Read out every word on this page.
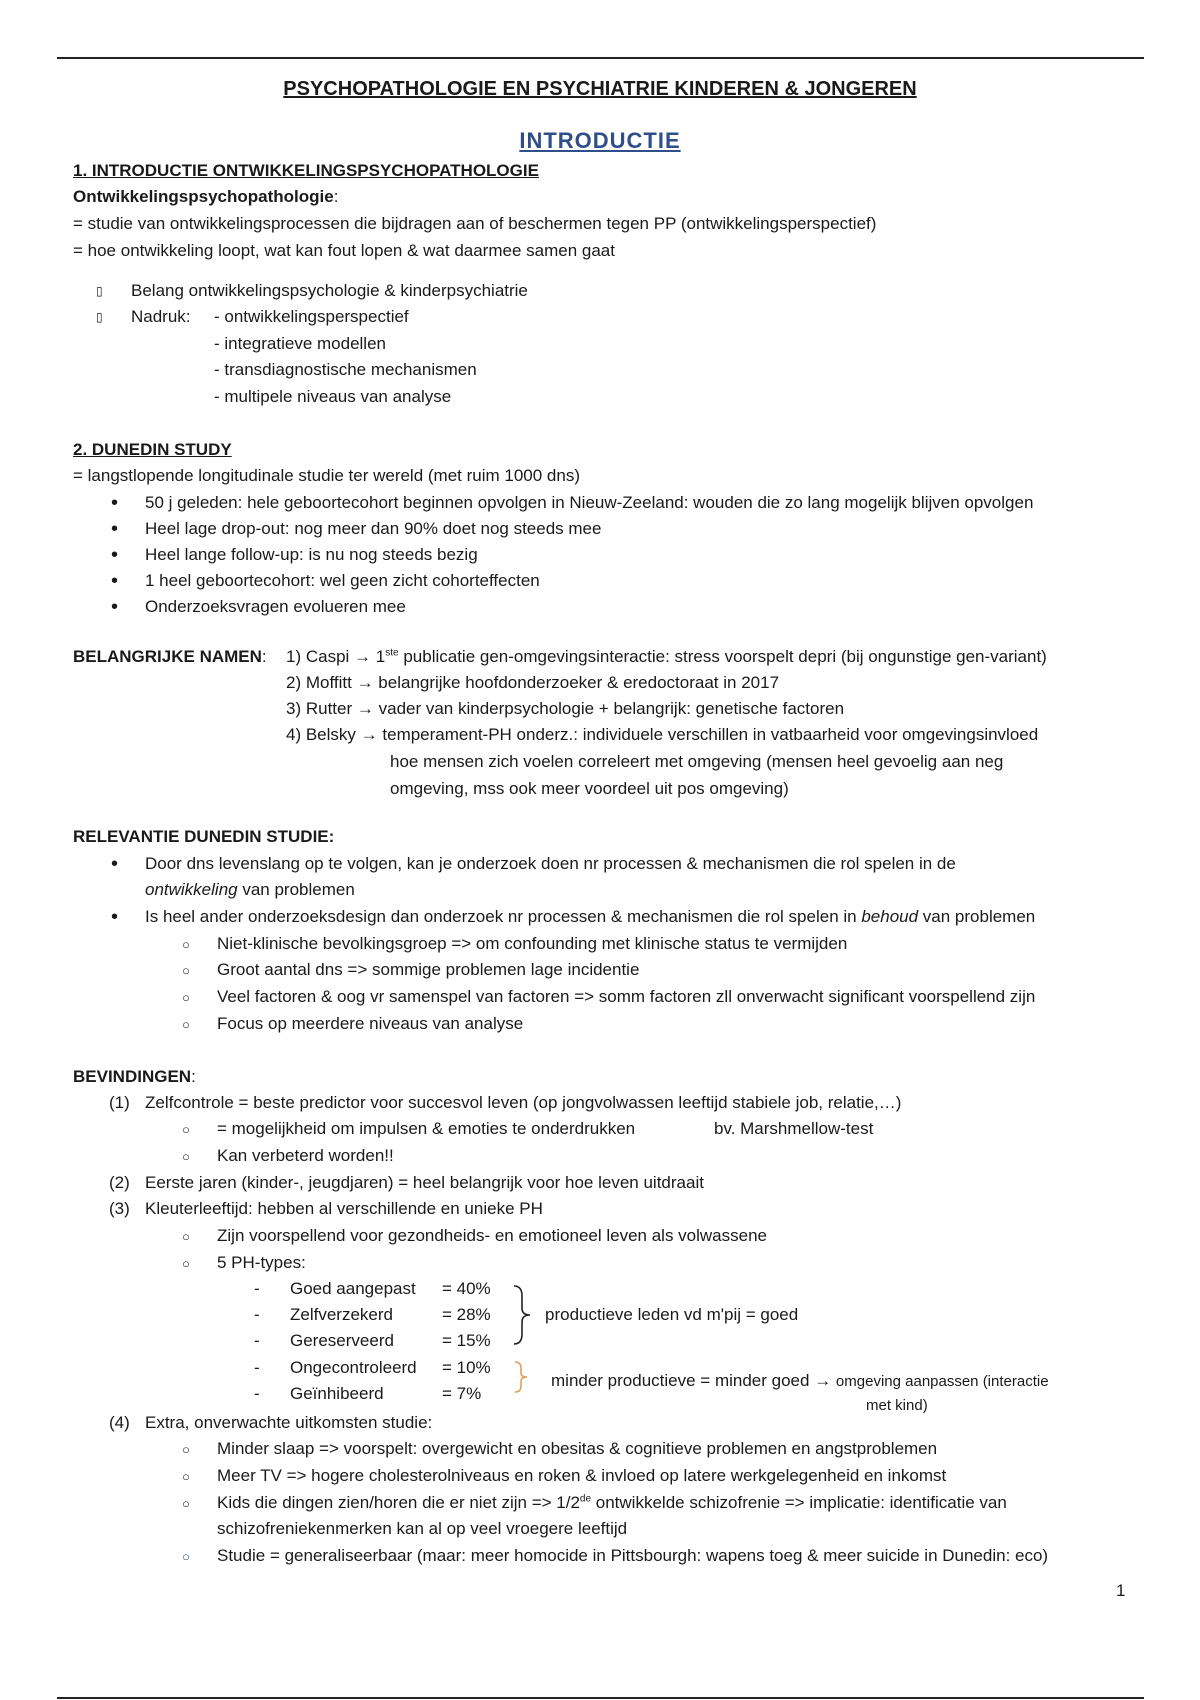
PSYCHOPATHOLOGIE EN PSYCHIATRIE KINDEREN & JONGEREN
INTRODUCTIE
1. INTRODUCTIE ONTWIKKELINGSPSYCHOPATHOLOGIE
Ontwikkelingspsychopathologie:
= studie van ontwikkelingsprocessen die bijdragen aan of beschermen tegen PP (ontwikkelingsperspectief)
= hoe ontwikkeling loopt, wat kan fout lopen & wat daarmee samen gaat
▯ Belang ontwikkelingspsychologie & kinderpsychiatrie
▯ Nadruk: - ontwikkelingsperspectief
- integratieve modellen
- transdiagnostische mechanismen
- multipele niveaus van analyse
2. DUNEDIN STUDY
= langstlopende longitudinale studie ter wereld (met ruim 1000 dns)
• 50 j geleden: hele geboortecohort beginnen opvolgen in Nieuw-Zeeland: wouden die zo lang mogelijk blijven opvolgen
• Heel lage drop-out: nog meer dan 90% doet nog steeds mee
• Heel lange follow-up: is nu nog steeds bezig
• 1 heel geboortecohort: wel geen zicht cohorteffecten
• Onderzoeksvragen evolueren mee
BELANGRIJKE NAMEN: 1) Caspi → 1ste publicatie gen-omgevingsinteractie: stress voorspelt depri (bij ongunstige gen-variant)
2) Moffitt → belangrijke hoofdonderzoeker & eredoctoraat in 2017
3) Rutter → vader van kinderpsychologie + belangrijk: genetische factoren
4) Belsky → temperament-PH onderz.: individuele verschillen in vatbaarheid voor omgevingsinvloed
hoe mensen zich voelen correleert met omgeving (mensen heel gevoelig aan neg
omgeving, mss ook meer voordeel uit pos omgeving)
RELEVANTIE DUNEDIN STUDIE:
• Door dns levenslang op te volgen, kan je onderzoek doen nr processen & mechanismen die rol spelen in de
ontwikkeling van problemen
• Is heel ander onderzoeksdesign dan onderzoek nr processen & mechanismen die rol spelen in behoud van problemen
○ Niet-klinische bevolkingsgroep => om confounding met klinische status te vermijden
○ Groot aantal dns => sommige problemen lage incidentie
○ Veel factoren & oog vr samenspel van factoren => somm factoren zll onverwacht significant voorspellend zijn
○ Focus op meerdere niveaus van analyse
BEVINDINGEN:
(1) Zelfcontrole = beste predictor voor succesvol leven (op jongvolwassen leeftijd stabiele job, relatie,…)
○ = mogelijkheid om impulsen & emoties te onderdrukken	bv. Marshmellow-test
○ Kan verbeterd worden!!
(2) Eerste jaren (kinder-, jeugdjaren) = heel belangrijk voor hoe leven uitdraait
(3) Kleuterleeftijd: hebben al verschillende en unieke PH
○ Zijn voorspellend voor gezondheids- en emotioneel leven als volwassene
○ 5 PH-types:
- Goed aangepast = 40%
- Zelfverzekerd	= 28%
- Gereserveerd	= 15%
- Ongecontroleerd = 10%
- Geïnhibeerd	= 7%
productieve leden vd m'pij = goed
minder productieve = minder goed → omgeving aanpassen (interactie
met kind)
(4) Extra, onverwachte uitkomsten studie:
○ Minder slaap => voorspelt: overgewicht en obesitas & cognitieve problemen en angstproblemen
○ Meer TV => hogere cholesterolniveaus en roken & invloed op latere werkgelegenheid en inkomst
○ Kids die dingen zien/horen die er niet zijn => 1/2de ontwikkelde schizofrenie => implicatie: identificatie van
schizofreniekenmerken kan al op veel vroegere leeftijd
○ Studie = generaliseerbaar (maar: meer homocide in Pittsbourgh: wapens toeg & meer suicide in Dunedin: eco)
1
